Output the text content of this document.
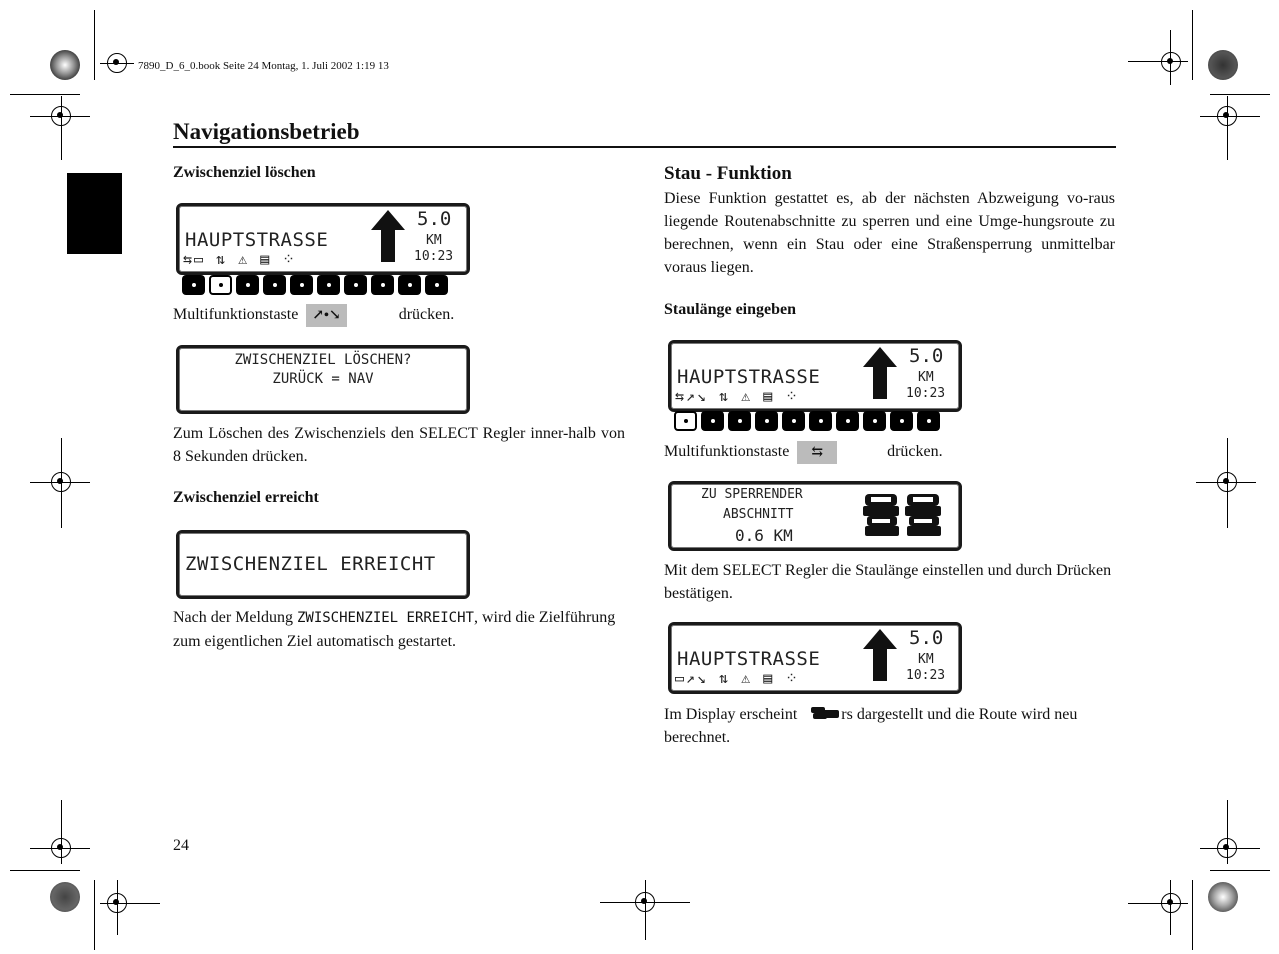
7890_D_6_0.book Seite 24 Montag, 1. Juli 2002 1:19 13
Navigationsbetrieb
Zwischenziel löschen
HAUPTSTRASSE
⇆▭ ⇅ ⚠ ▤ ⁘
5.0
KM
10:23
Multifunktionstaste ↗•↘	drücken.
ZWISCHENZIEL LÖSCHEN?
ZURÜCK = NAV
Zum Löschen des Zwischenziels den SELECT Regler inner-halb von 8 Sekunden drücken.
Zwischenziel erreicht
ZWISCHENZIEL ERREICHT
Nach der Meldung ZWISCHENZIEL ERREICHT, wird die Zielführung zum eigentlichen Ziel automatisch gestartet.
Stau - Funktion
Diese Funktion gestattet es, ab der nächsten Abzweigung vo-raus liegende Routenabschnitte zu sperren und eine Umge-hungsroute zu berechnen, wenn ein Stau oder eine Straßensperrung unmittelbar voraus liegen.
Staulänge eingeben
HAUPTSTRASSE
⇆↗↘ ⇅ ⚠ ▤ ⁘
5.0
KM
10:23
Multifunktionstaste ⇆	drücken.
ZU SPERRENDER
ABSCHNITT
0.6 KM
Mit dem SELECT Regler die Staulänge einstellen und durch Drücken bestätigen.
HAUPTSTRASSE
▭↗↘ ⇅ ⚠ ▤ ⁘
5.0
KM
10:23
Im Display erscheint	rs dargestellt und die Route wird neu berechnet.
24
